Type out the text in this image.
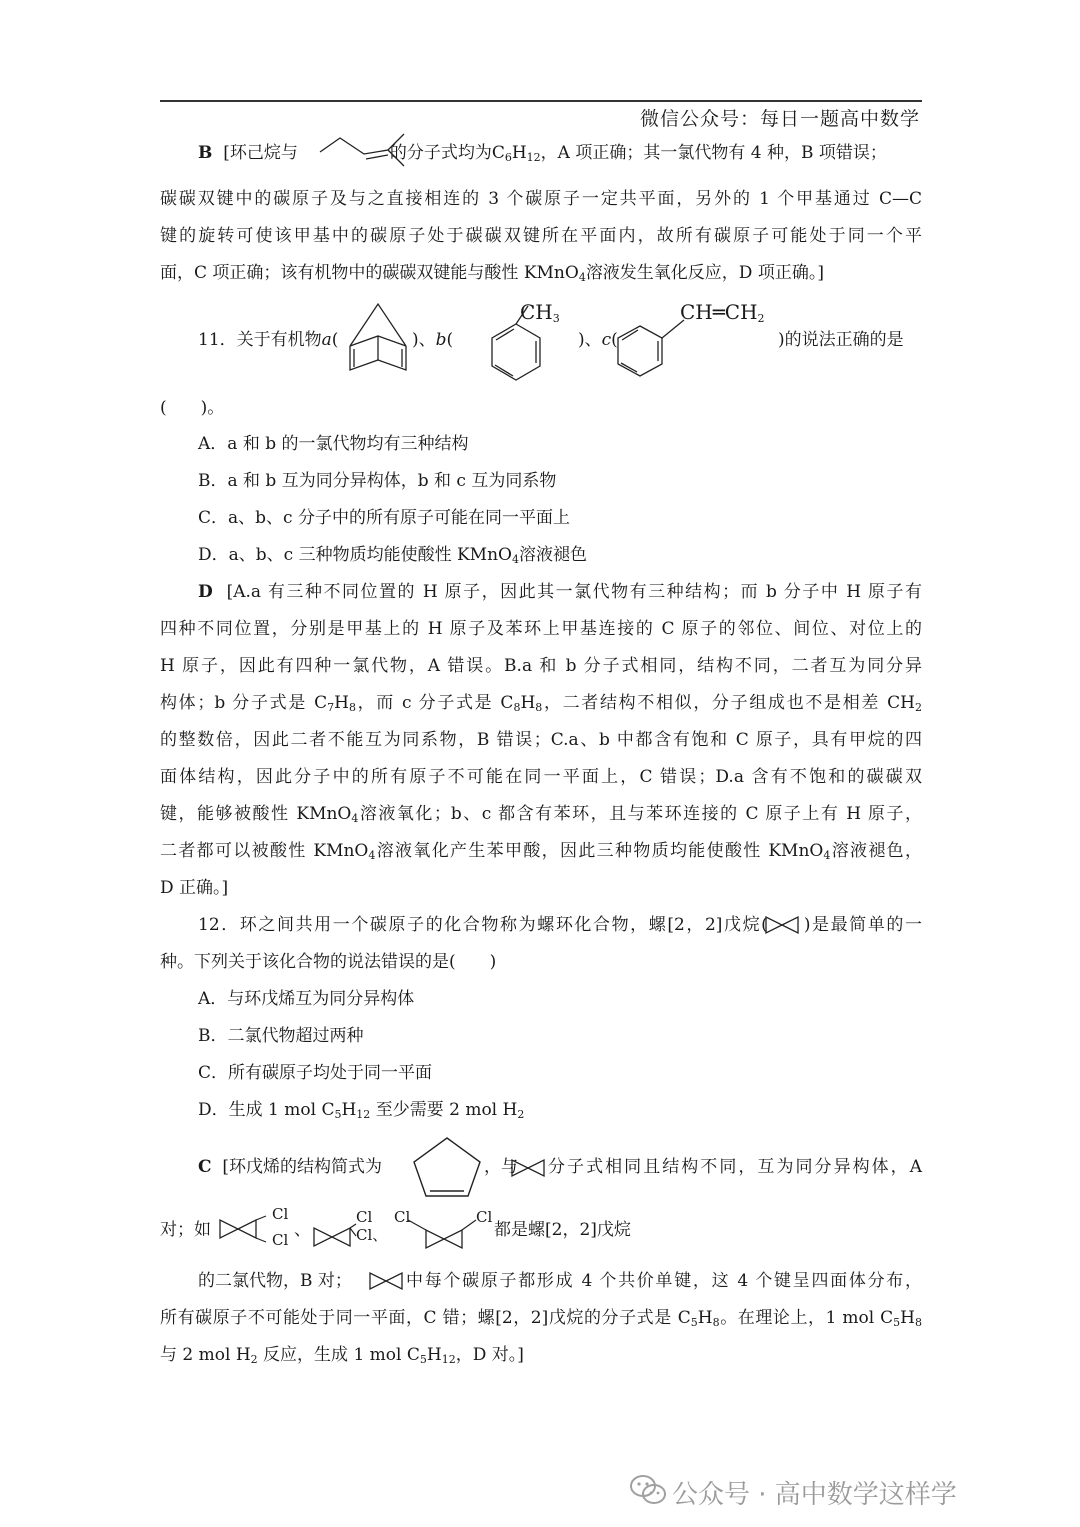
微信公众号：每日一题高中数学
B [环己烷与	的分子式均为$C_6H_{12}$，A 项正确；其一氯代物有 4 种，B 项错误；
碳碳双键中的碳原子及与之直接相连的 3 个碳原子一定共平面，另外的 1 个甲基通过 C—C
键的旋转可使该甲基中的碳原子处于碳碳双键所在平面内，故所有碳原子可能处于同一个平
面，C 项正确；该有机物中的碳碳双键能与酸性 KMnO$_4$溶液发生氧化反应，D 项正确。]
11．关于有机物a(	)、b(
$CH_3$
)、c(
$CH═CH_2$
)的说法正确的是
(　　)。
A．a 和 b 的一氯代物均有三种结构
B．a 和 b 互为同分异构体，b 和 c 互为同系物
C．a、b、c 分子中的所有原子可能在同一平面上
D．a、b、c 三种物质均能使酸性 KMnO$_4$溶液褪色
D [A.a 有三种不同位置的 H 原子，因此其一氯代物有三种结构；而 b 分子中 H 原子有
四种不同位置，分别是甲基上的 H 原子及苯环上甲基连接的 C 原子的邻位、间位、对位上的
H 原子，因此有四种一氯代物，A 错误。B.a 和 b 分子式相同，结构不同，二者互为同分异
构体；b 分子式是 $C_7H_8$，而 c 分子式是 $C_8H_8$，二者结构不相似，分子组成也不是相差 $CH_2$
的整数倍，因此二者不能互为同系物，B 错误；C.a、b 中都含有饱和 C 原子，具有甲烷的四
面体结构，因此分子中的所有原子不可能在同一平面上，C 错误；D.a 含有不饱和的碳碳双
键，能够被酸性 KMnO$_4$溶液氧化；b、c 都含有苯环，且与苯环连接的 C 原子上有 H 原子，
二者都可以被酸性 KMnO$_4$溶液氧化产生苯甲酸，因此三种物质均能使酸性 KMnO$_4$溶液褪色，
D 正确。]
12．环之间共用一个碳原子的化合物称为螺环化合物，螺[2，2]戊烷( )是最简单的一
种。下列关于该化合物的说法错误的是(　　)
A．与环戊烯互为同分异构体
B．二氯代物超过两种
C．所有碳原子均处于同一平面
D．生成 1 mol $C_5H_{12}$ 至少需要 2 mol $H_2$
C [环戊烯的结构简式为	，与 分子式相同且结构不同，互为同分异构体，A
对；如
Cl
Cl 、
Cl
Cl、
Cl	Cl
都是螺[2，2]戊烷
的二氯代物，B 对；	中每个碳原子都形成 4 个共价单键，这 4 个键呈四面体分布，
所有碳原子不可能处于同一平面，C 错；螺[2，2]戊烷的分子式是 $C_5H_8$。在理论上，1 mol $C_5H_8$
与 2 mol $H_2$ 反应，生成 1 mol $C_5H_{12}$，D 对。]
公众号 · 高中数学这样学
